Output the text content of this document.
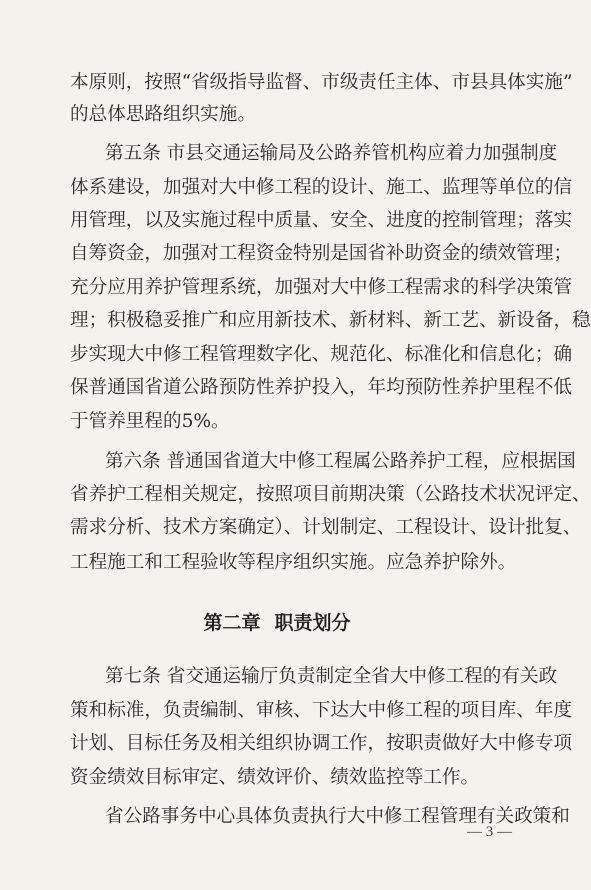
本原则，按照“省级指导监督、市级责任主体、市县具体实施”
的总体思路组织实施。
第五条 市县交通运输局及公路养管机构应着力加强制度
体系建设，加强对大中修工程的设计、施工、监理等单位的信
用管理，以及实施过程中质量、安全、进度的控制管理；落实
自筹资金，加强对工程资金特别是国省补助资金的绩效管理；
充分应用养护管理系统，加强对大中修工程需求的科学决策管
理；积极稳妥推广和应用新技术、新材料、新工艺、新设备，稳
步实现大中修工程管理数字化、规范化、标准化和信息化；确
保普通国省道公路预防性养护投入，年均预防性养护里程不低
于管养里程的5%。
第六条 普通国省道大中修工程属公路养护工程，应根据国
省养护工程相关规定，按照项目前期决策（公路技术状况评定、
需求分析、技术方案确定）、计划制定、工程设计、设计批复、
工程施工和工程验收等程序组织实施。应急养护除外。
第二章 职责划分
第七条 省交通运输厅负责制定全省大中修工程的有关政
策和标准，负责编制、审核、下达大中修工程的项目库、年度
计划、目标任务及相关组织协调工作，按职责做好大中修专项
资金绩效目标审定、绩效评价、绩效监控等工作。
省公路事务中心具体负责执行大中修工程管理有关政策和
— 3 —
